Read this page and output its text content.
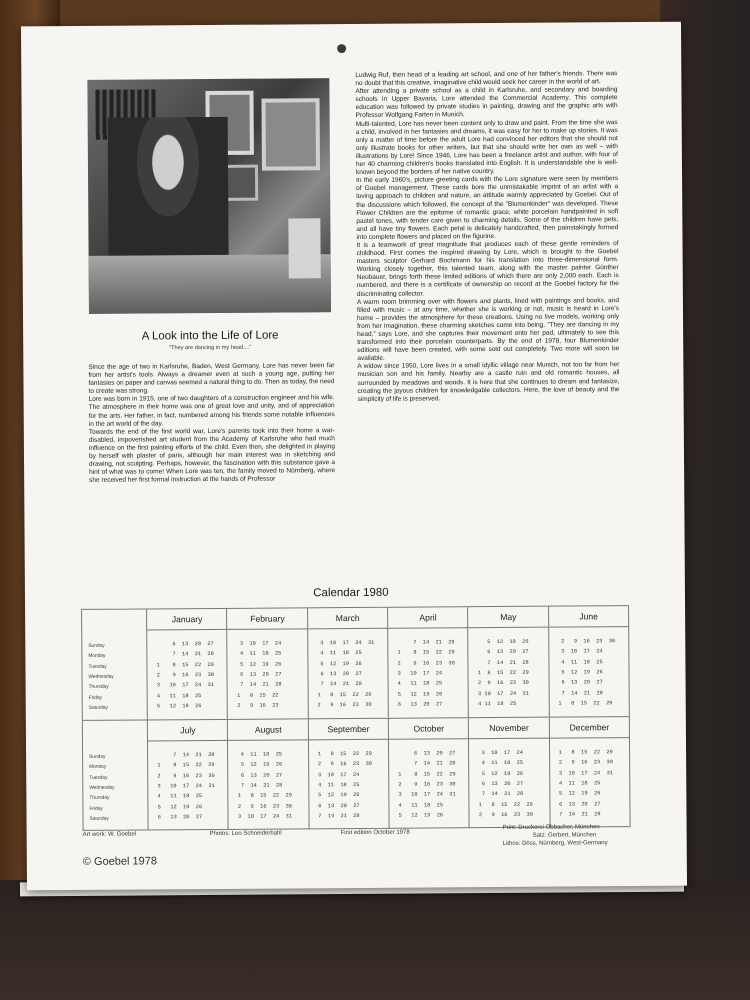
A Look into the Life of Lore
"They are dancing in my head...."

Since the age of two in Karlsruhe, Baden, West Germany, Lore has never been far from her artist's tools. Always a dreamer even at such a young age, putting her fantasies on paper and canvas seemed a natural thing to do. Then as today, the need to create was strong.

Lore was born in 1915, one of two daughters of a construction engineer and his wife. The atmosphere in their home was one of great love and unity, and of appreciation for the arts. Her father, in fact, numbered among his friends some notable influences in the art world of the day.

Towards the end of the first world war, Lore's parents took into their home a war-disabled, impoverished art student from the Academy of Karlsruhe who had much influence on the first painting efforts of the child. Even then, she delighted in playing by herself with plaster of paris, although her main interest was in sketching and drawing, not sculpting. Perhaps, however, the fascination with this substance gave a hint of what was to come! When Lore was ten, the family moved to Nürnberg, where she received her first formal instruction at the hands of Professor

Ludwig Ruf, then head of a leading art school, and one of her father's friends. There was no doubt that this creative, imaginative child would seek her career in the world of art.

After attending a private school as a child in Karlsruhe, and secondary and boarding schools in Upper Bavaria, Lore attended the Commercial Academy. This complete education was followed by private studies in painting, drawing and the graphic arts with Professor Wolfgang Farten in Munich.

Multi-talented, Lore has never been content only to draw and paint. From the time she was a child, involved in her fantasies and dreams, it was easy for her to make up stories. It was only a matter of time before the adult Lore had convinced her editors that she should not only illustrate books for other writers, but that she should write her own as well – with illustrations by Lore! Since 1946, Lore has been a freelance artist and author, with four of her 40 charming children's books translated into English. It is understandable she is well-known beyond the borders of her native country.

In the early 1960's, picture greeting cards with the Lore signature were seen by members of Goebel management. These cards bore the unmistakable imprint of an artist with a loving approach to children and nature, an attitude warmly appreciated by Goebel. Out of the discussions which followed, the concept of the "Blumenkinder" was developed. These Flower Children are the epitome of romantic grace, white porcelain handpainted in soft pastel tones, with tender care given to charming details. Some of the children have pets, and all have tiny flowers. Each petal is delicately handcrafted, then painstakingly formed into complete flowers and placed on the figurine.

It is a teamwork of great magnitude that produces each of these gentle reminders of childhood. First comes the inspired drawing by Lore, which is brought to the Goebel masters sculptor Gerhard Bochmann for his translation into three-dimensional form. Working closely together, this talented team, along with the master painter Günther Neubauer, brings forth these limited editions of which there are only 2,000 each. Each is numbered, and there is a certificate of ownership on record at the Goebel factory for the discriminating collector.

A warm room brimming over with flowers and plants, lined with paintings and books, and filled with music – at any time, whether she is working or not, music is heard in Lore's home – provides the atmosphere for these creations. Using no live models, working only from her imagination, these charming sketches come into being. "They are dancing in my head," says Lore, and she captures their movement onto her pad, ultimately to see this transformed into their porcelain counterparts. By the end of 1978, four Blumenkinder editions will have been created, with some sold out completely. Two more will soon be available.

A widow since 1950, Lore lives in a small idyllic village near Munich, not too far from her musician son and his family. Nearby are a castle ruin and old romantic houses, all surrounded by meadows and woods. It is here that she continues to dream and fantasize, creating the joyous children for knowledgable collectors. Here, the love of beauty and the simplicity of life is preserved.

Calendar 1980
Sunday
Monday
Tuesday
Wednesday
Thursday
Friday
Saturday
January
6  13  20  27
7  14  21  28
1    8  15  22  29
2    9  16  23  30
3   10  17  24  31
4   11  18  25
5   12  19  26
February
3  10  17  24
4  11  18  25
5  12  19  26
6  13  20  27
7  14  21  28
1   8  15  22
2   9  16  23
March
3  10  17  24  31
4  11  18  25
5  12  19  26
6  13  20  27
7  14  21  28
1   8  15  22  29
2   9  16  23  30
April
7  14  21  28
1    8  15  22  29
2    9  16  23  30
3   10  17  24
4   11  18  25
5   12  19  26
6   13  20  27
May
5  12  19  26
6  13  20  27
7  14  21  28
1  8  15  22  29
2  9  16  23  30
3 10  17  24  31
4 11  18  25
June
2   9  16  23  30
3  10  17  24
4  11  18  25
5  12  19  26
6  13  20  27
7  14  21  28
1   8  15  22  29
Sunday
Monday
Tuesday
Wednesday
Thursday
Friday
Saturday
July
7  14  21  28
1    8  15  22  29
2    9  16  23  30
3   10  17  24  31
4   11  18  25
5   12  19  26
6   13  20  27
August
4  11  18  25
5  12  19  26
6  13  20  27
7  14  21  28
1   8  15  22  29
2   9  16  23  30
3  10  17  24  31
September
1   8  15  22  29
2   9  16  23  30
3  10  17  24
4  11  18  25
5  12  19  26
6  13  20  27
7  14  21  28
October
6  13  20  27
7  14  21  28
1    8  15  22  29
2    9  16  23  30
3   10  17  24  31
4   11  18  25
5   12  19  26
November
3  10  17  24
4  11  18  25
5  12  19  26
6  13  20  27
7  14  21  28
1   8  15  22  29
2   9  16  23  30
December
1   8  15  22  29
2   9  16  23  30
3  10  17  24  31
4  11  18  25
5  12  19  26
6  13  20  27
7  14  21  28
Art work: W. Goebel	Photos: Leo Schneiderhahl	First edition October 1978
Print: Druckerei Obbacher, München
Satz: Gerbert, München
Lithos: Döss, Nürnberg, West-Germany
© Goebel 1978
